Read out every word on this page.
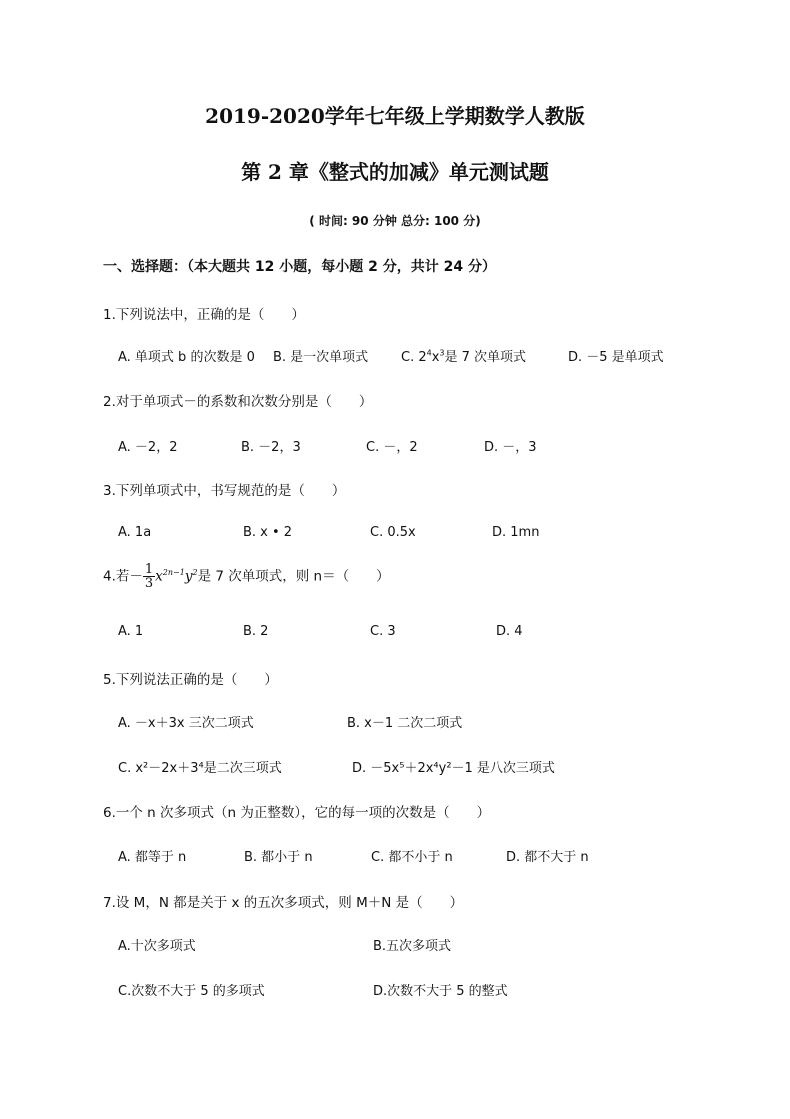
2019-2020学年七年级上学期数学人教版
第 2 章《整式的加减》单元测试题
( 时间: 90 分钟 总分: 100 分)
一、选择题：（本大题共 12 小题，每小题 2 分，共计 24 分）
1.下列说法中，正确的是（　　）
A. 单项式 b 的次数是 0 B. 是一次单项式	C. $2^4x^3$是 7 次单项式	D. －5 是单项式
2.对于单项式－的系数和次数分别是（　　）
A. －2，2	B. －2，3	C. －，2	D. －，3
3.下列单项式中，书写规范的是（　　）
A. 1a	B. x • 2	C. 0.5x	D. 1mn
4.若－ $\frac{1}{3} x^{2n-1}y^2$是 7 次单项式，则 n＝（　　）
A. 1	B. 2	C. 3	D. 4
5.下列说法正确的是（　　）
A. －x＋3x 三次二项式	B. x－1 二次二项式
C. x²－2x＋3⁴是二次三项式	D. －5x⁵＋2x⁴y²－1 是八次三项式
6.一个 n 次多项式（n 为正整数），它的每一项的次数是（　　）
A. 都等于 n	B. 都小于 n	C. 都不小于 n	D. 都不大于 n
7.设 M，N 都是关于 x 的五次多项式，则 M＋N 是（　　）
A.十次多项式	B.五次多项式
C.次数不大于 5 的多项式	D.次数不大于 5 的整式
